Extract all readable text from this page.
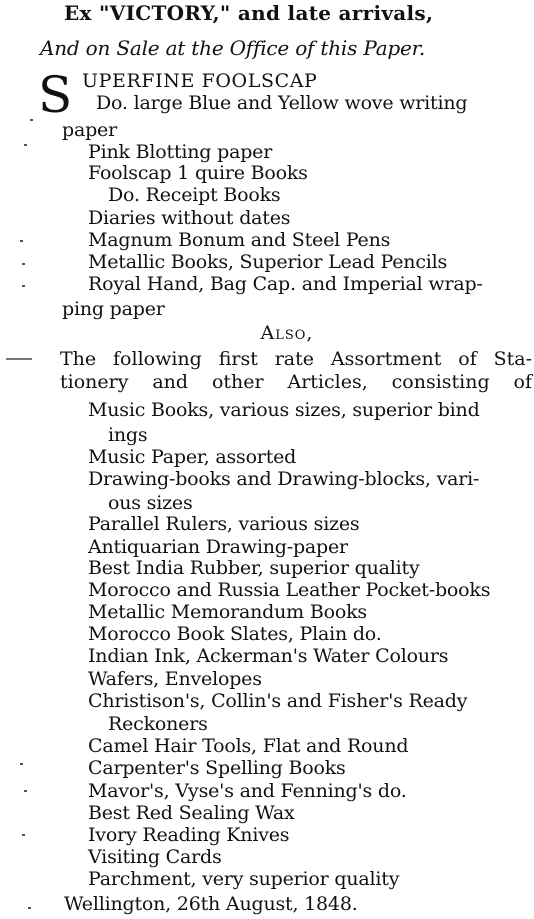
Ex "VICTORY," and late arrivals,
And on Sale at the Office of this Paper.
S UPERFINE FOOLSCAP
Do. large Blue and Yellow wove writing
paper
Pink Blotting paper
Foolscap 1 quire Books
Do. Receipt Books
Diaries without dates
Magnum Bonum and Steel Pens
Metallic Books, Superior Lead Pencils
Royal Hand, Bag Cap. and Imperial wrap-
ping paper
Also,
The following first rate Assortment of Sta-
tionery and other Articles, consisting of
Music Books, various sizes, superior bind
ings
Music Paper, assorted
Drawing-books and Drawing-blocks, vari-
ous sizes
Parallel Rulers, various sizes
Antiquarian Drawing-paper
Best India Rubber, superior quality
Morocco and Russia Leather Pocket-books
Metallic Memorandum Books
Morocco Book Slates, Plain do.
Indian Ink, Ackerman's Water Colours
Wafers, Envelopes
Christison's, Collin's and Fisher's Ready
Reckoners
Camel Hair Tools, Flat and Round
Carpenter's Spelling Books
Mavor's, Vyse's and Fenning's do.
Best Red Sealing Wax
Ivory Reading Knives
Visiting Cards
Parchment, very superior quality
Wellington, 26th August, 1848.
